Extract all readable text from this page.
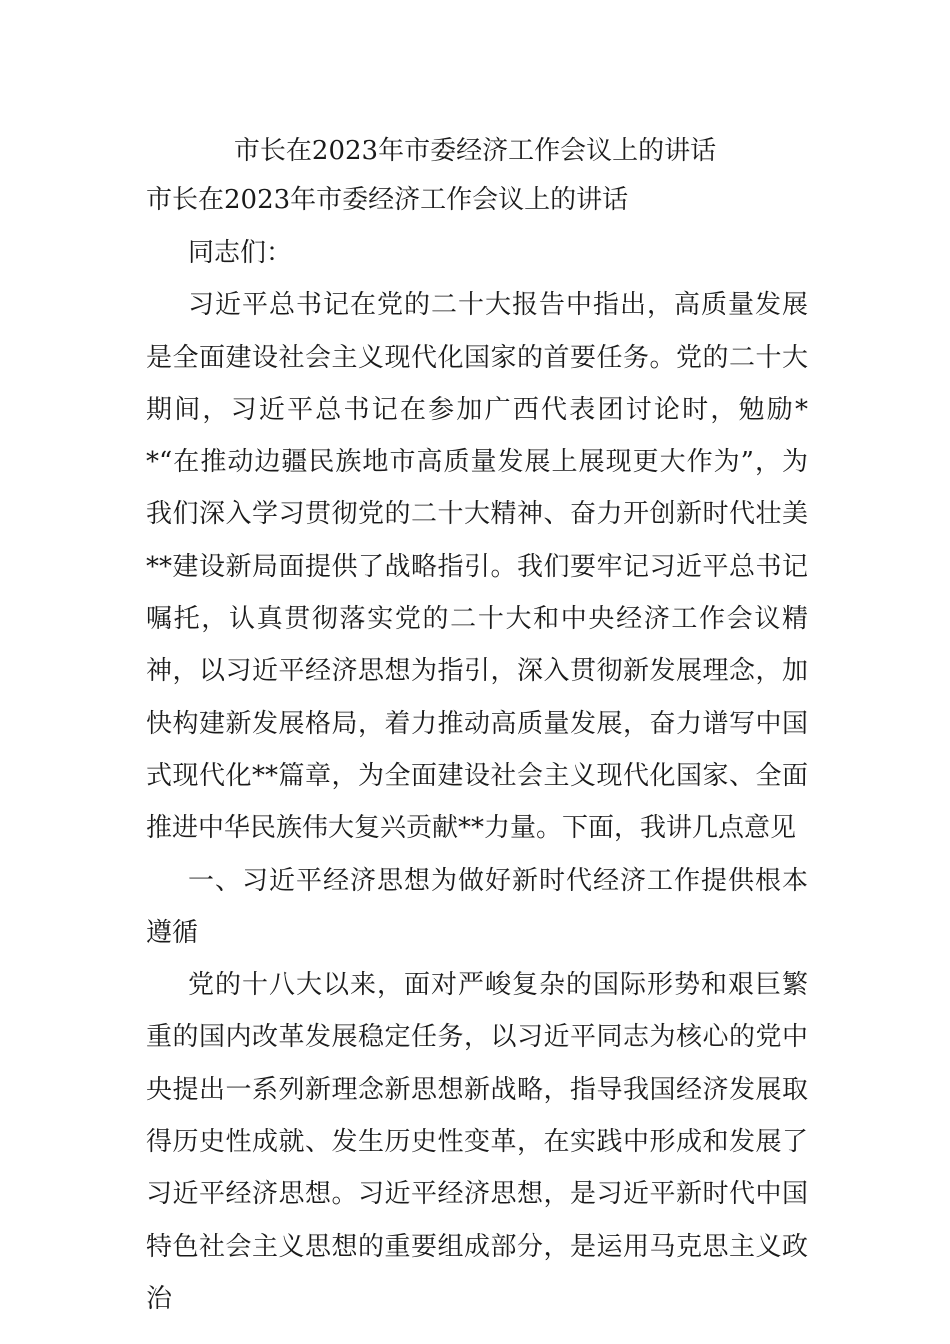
市长在2023年市委经济工作会议上的讲话
市长在2023年市委经济工作会议上的讲话

同志们：

习近平总书记在党的二十大报告中指出，高质量发展是全面建设社会主义现代化国家的首要任务。党的二十大期间，习近平总书记在参加广西代表团讨论时，勉励**“在推动边疆民族地市高质量发展上展现更大作为”，为我们深入学习贯彻党的二十大精神、奋力开创新时代壮美**建设新局面提供了战略指引。我们要牢记习近平总书记嘱托，认真贯彻落实党的二十大和中央经济工作会议精神，以习近平经济思想为指引，深入贯彻新发展理念，加快构建新发展格局，着力推动高质量发展，奋力谱写中国式现代化**篇章，为全面建设社会主义现代化国家、全面推进中华民族伟大复兴贡献**力量。下面，我讲几点意见

一、习近平经济思想为做好新时代经济工作提供根本遵循

党的十八大以来，面对严峻复杂的国际形势和艰巨繁重的国内改革发展稳定任务，以习近平同志为核心的党中央提出一系列新理念新思想新战略，指导我国经济发展取得历史性成就、发生历史性变革，在实践中形成和发展了习近平经济思想。习近平经济思想，是习近平新时代中国特色社会主义思想的重要组成部分，是运用马克思主义政治
